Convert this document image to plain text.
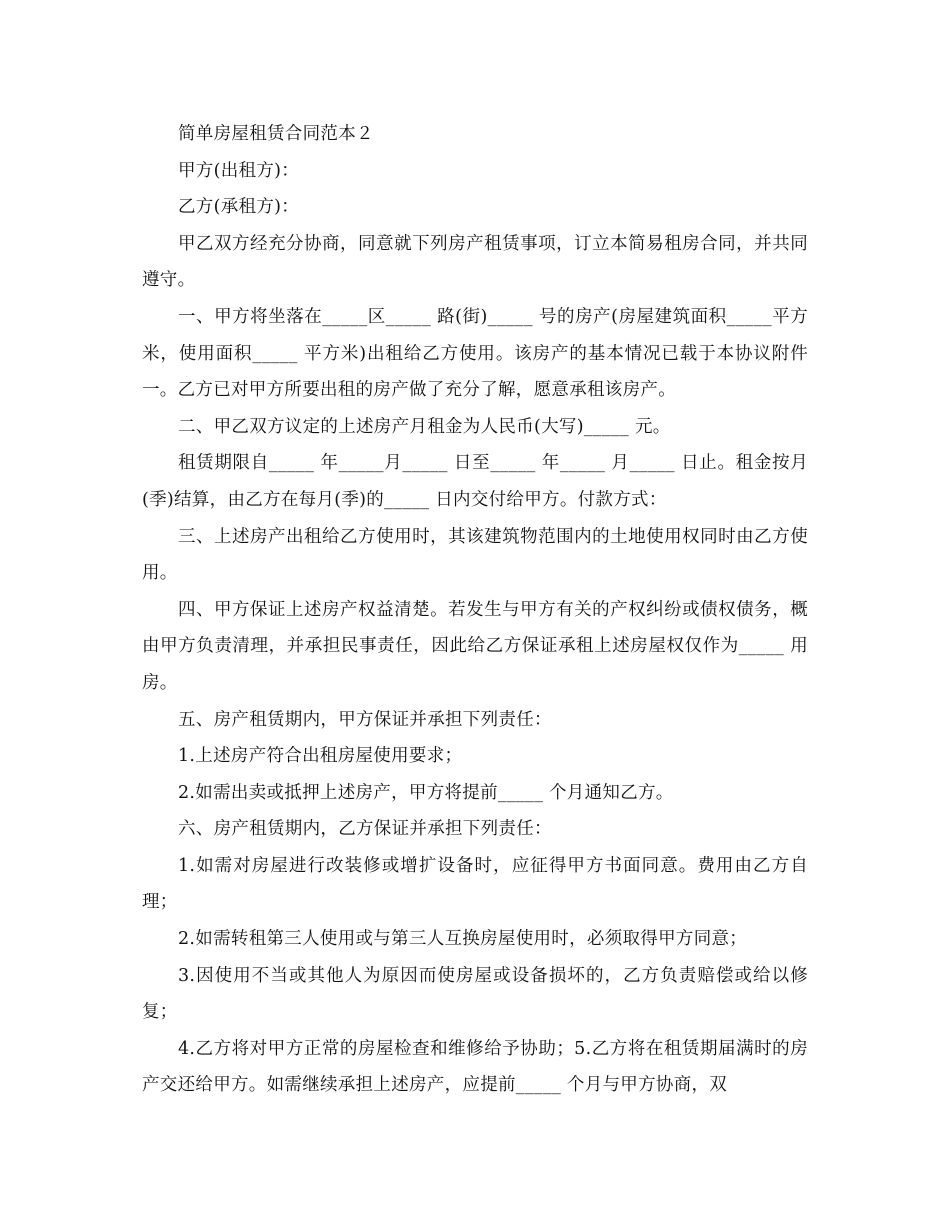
简单房屋租赁合同范本２

甲方(出租方)：

乙方(承租方)：

甲乙双方经充分协商，同意就下列房产租赁事项，订立本简易租房合同，并共同遵守。

一、甲方将坐落在_____区_____ 路(街)_____ 号的房产(房屋建筑面积_____平方米，使用面积_____ 平方米)出租给乙方使用。该房产的基本情况已载于本协议附件一。乙方已对甲方所要出租的房产做了充分了解，愿意承租该房产。

二、甲乙双方议定的上述房产月租金为人民币(大写)_____ 元。

租赁期限自_____ 年_____月_____ 日至_____ 年_____ 月_____ 日止。租金按月(季)结算，由乙方在每月(季)的_____ 日内交付给甲方。付款方式：

三、上述房产出租给乙方使用时，其该建筑物范围内的土地使用权同时由乙方使用。

四、甲方保证上述房产权益清楚。若发生与甲方有关的产权纠纷或债权债务，概由甲方负责清理，并承担民事责任，因此给乙方保证承租上述房屋权仅作为_____ 用房。

五、房产租赁期内，甲方保证并承担下列责任：

1.上述房产符合出租房屋使用要求；

2.如需出卖或抵押上述房产，甲方将提前_____ 个月通知乙方。

六、房产租赁期内，乙方保证并承担下列责任：

1.如需对房屋进行改装修或增扩设备时，应征得甲方书面同意。费用由乙方自理；

2.如需转租第三人使用或与第三人互换房屋使用时，必须取得甲方同意；

3.因使用不当或其他人为原因而使房屋或设备损坏的，乙方负责赔偿或给以修复；

4.乙方将对甲方正常的房屋检查和维修给予协助；5.乙方将在租赁期届满时的房产交还给甲方。如需继续承担上述房产，应提前_____ 个月与甲方协商，双
